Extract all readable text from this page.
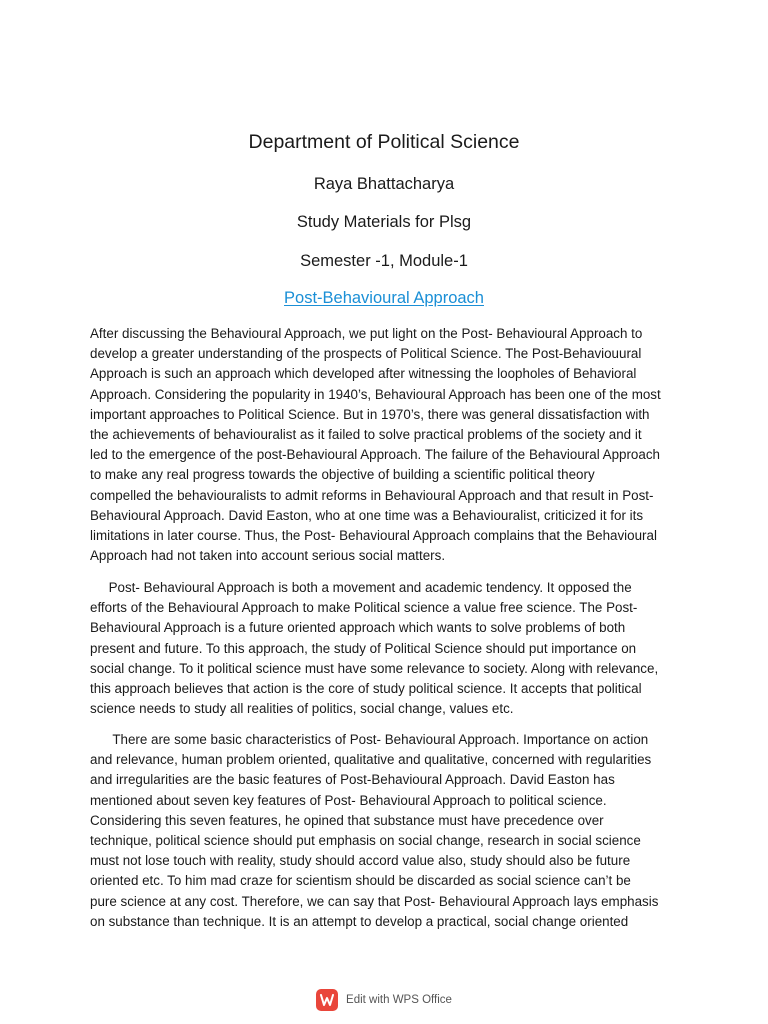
Department of Political Science
Raya Bhattacharya
Study Materials for Plsg
Semester -1, Module-1
Post-Behavioural Approach

After discussing the Behavioural Approach, we put light on the Post- Behavioural Approach to
develop a greater understanding of the prospects of Political Science. The Post-Behaviouural
Approach is such an approach which developed after witnessing the loopholes of Behavioral
Approach. Considering the popularity in 1940’s, Behavioural Approach has been one of the most
important approaches to Political Science. But in 1970’s, there was general dissatisfaction with
the achievements of behaviouralist as it failed to solve practical problems of the society and it
led to the emergence of the post-Behavioural Approach. The failure of the Behavioural Approach
to make any real progress towards the objective of building a scientific political theory
compelled the behaviouralists to admit reforms in Behavioural Approach and that result in Post-
Behavioural Approach. David Easton, who at one time was a Behaviouralist, criticized it for its
limitations in later course. Thus, the Post- Behavioural Approach complains that the Behavioural
Approach had not taken into account serious social matters.

Post- Behavioural Approach is both a movement and academic tendency. It opposed the
efforts of the Behavioural Approach to make Political science a value free science. The Post-
Behavioural Approach is a future oriented approach which wants to solve problems of both
present and future. To this approach, the study of Political Science should put importance on
social change. To it political science must have some relevance to society. Along with relevance,
this approach believes that action is the core of study political science. It accepts that political
science needs to study all realities of politics, social change, values etc.

There are some basic characteristics of Post- Behavioural Approach. Importance on action
and relevance, human problem oriented, qualitative and qualitative, concerned with regularities
and irregularities are the basic features of Post-Behavioural Approach. David Easton has
mentioned about seven key features of Post- Behavioural Approach to political science.
Considering this seven features, he opined that substance must have precedence over
technique, political science should put emphasis on social change, research in social science
must not lose touch with reality, study should accord value also, study should also be future
oriented etc. To him mad craze for scientism should be discarded as social science can’t be
pure science at any cost. Therefore, we can say that Post- Behavioural Approach lays emphasis
on substance than technique. It is an attempt to develop a practical, social change oriented

Edit with WPS Office
